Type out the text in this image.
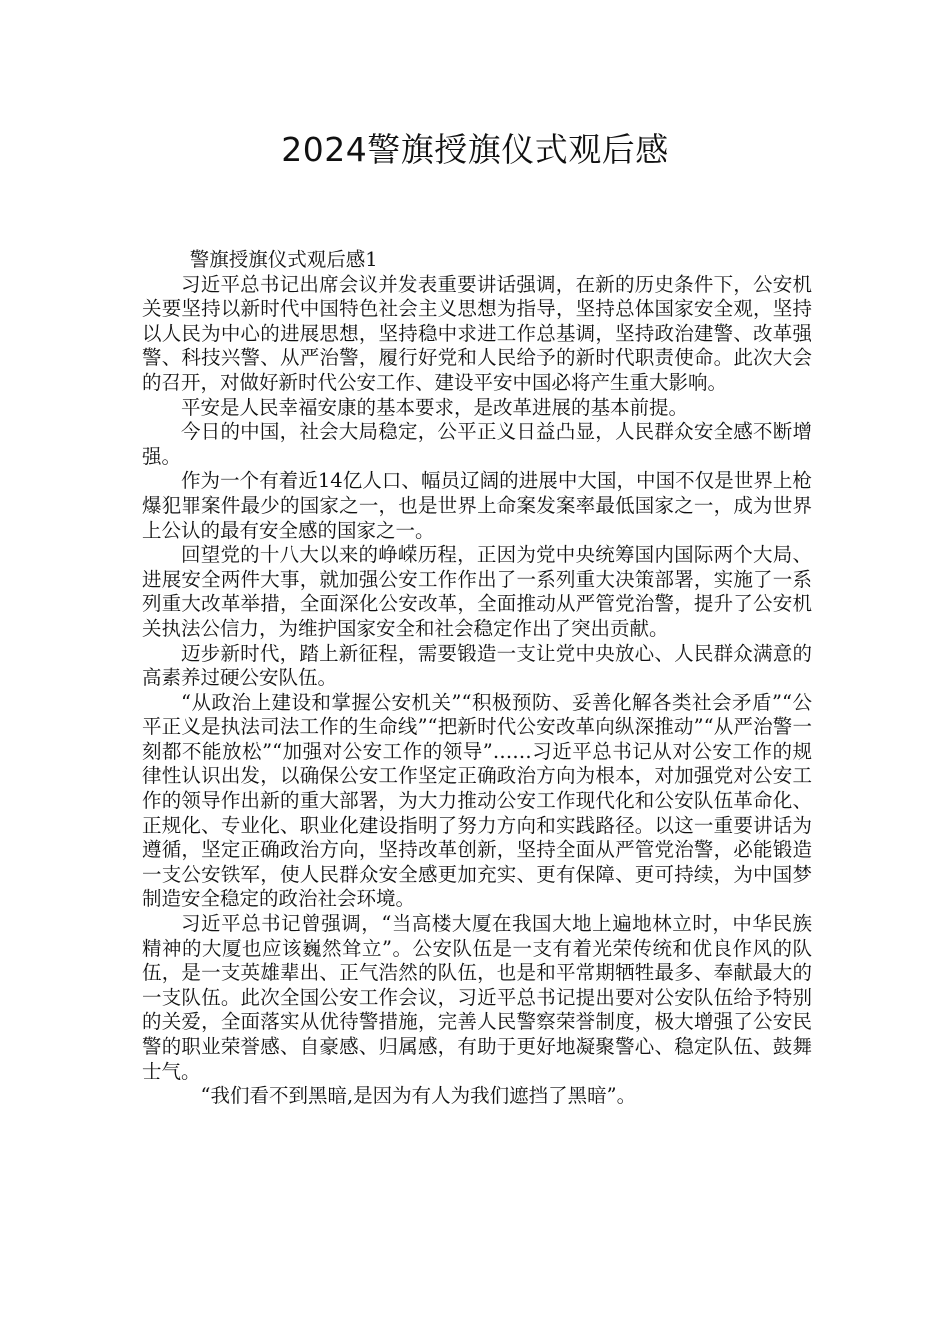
2024警旗授旗仪式观后感

警旗授旗仪式观后感1

习近平总书记出席会议并发表重要讲话强调，在新的历史条件下，公安机关要坚持以新时代中国特色社会主义思想为指导，坚持总体国家安全观，坚持以人民为中心的进展思想，坚持稳中求进工作总基调，坚持政治建警、改革强警、科技兴警、从严治警，履行好党和人民给予的新时代职责使命。此次大会的召开，对做好新时代公安工作、建设平安中国必将产生重大影响。

平安是人民幸福安康的基本要求，是改革进展的基本前提。

今日的中国，社会大局稳定，公平正义日益凸显，人民群众安全感不断增强。

作为一个有着近14亿人口、幅员辽阔的进展中大国，中国不仅是世界上枪爆犯罪案件最少的国家之一，也是世界上命案发案率最低国家之一，成为世界上公认的最有安全感的国家之一。

回望党的十八大以来的峥嵘历程，正因为党中央统筹国内国际两个大局、进展安全两件大事，就加强公安工作作出了一系列重大决策部署，实施了一系列重大改革举措，全面深化公安改革，全面推动从严管党治警，提升了公安机关执法公信力，为维护国家安全和社会稳定作出了突出贡献。

迈步新时代，踏上新征程，需要锻造一支让党中央放心、人民群众满意的高素养过硬公安队伍。

“从政治上建设和掌握公安机关”“积极预防、妥善化解各类社会矛盾”“公平正义是执法司法工作的生命线”“把新时代公安改革向纵深推动”“从严治警一刻都不能放松”“加强对公安工作的领导”……习近平总书记从对公安工作的规律性认识出发，以确保公安工作坚定正确政治方向为根本，对加强党对公安工作的领导作出新的重大部署，为大力推动公安工作现代化和公安队伍革命化、正规化、专业化、职业化建设指明了努力方向和实践路径。以这一重要讲话为遵循，坚定正确政治方向，坚持改革创新，坚持全面从严管党治警，必能锻造一支公安铁军，使人民群众安全感更加充实、更有保障、更可持续，为中国梦制造安全稳定的政治社会环境。

习近平总书记曾强调，“当高楼大厦在我国大地上遍地林立时，中华民族精神的大厦也应该巍然耸立”。公安队伍是一支有着光荣传统和优良作风的队伍，是一支英雄辈出、正气浩然的队伍，也是和平常期牺牲最多、奉献最大的一支队伍。此次全国公安工作会议，习近平总书记提出要对公安队伍给予特别的关爱，全面落实从优待警措施，完善人民警察荣誉制度，极大增强了公安民警的职业荣誉感、自豪感、归属感，有助于更好地凝聚警心、稳定队伍、鼓舞士气。

“我们看不到黑暗,是因为有人为我们遮挡了黑暗”。
